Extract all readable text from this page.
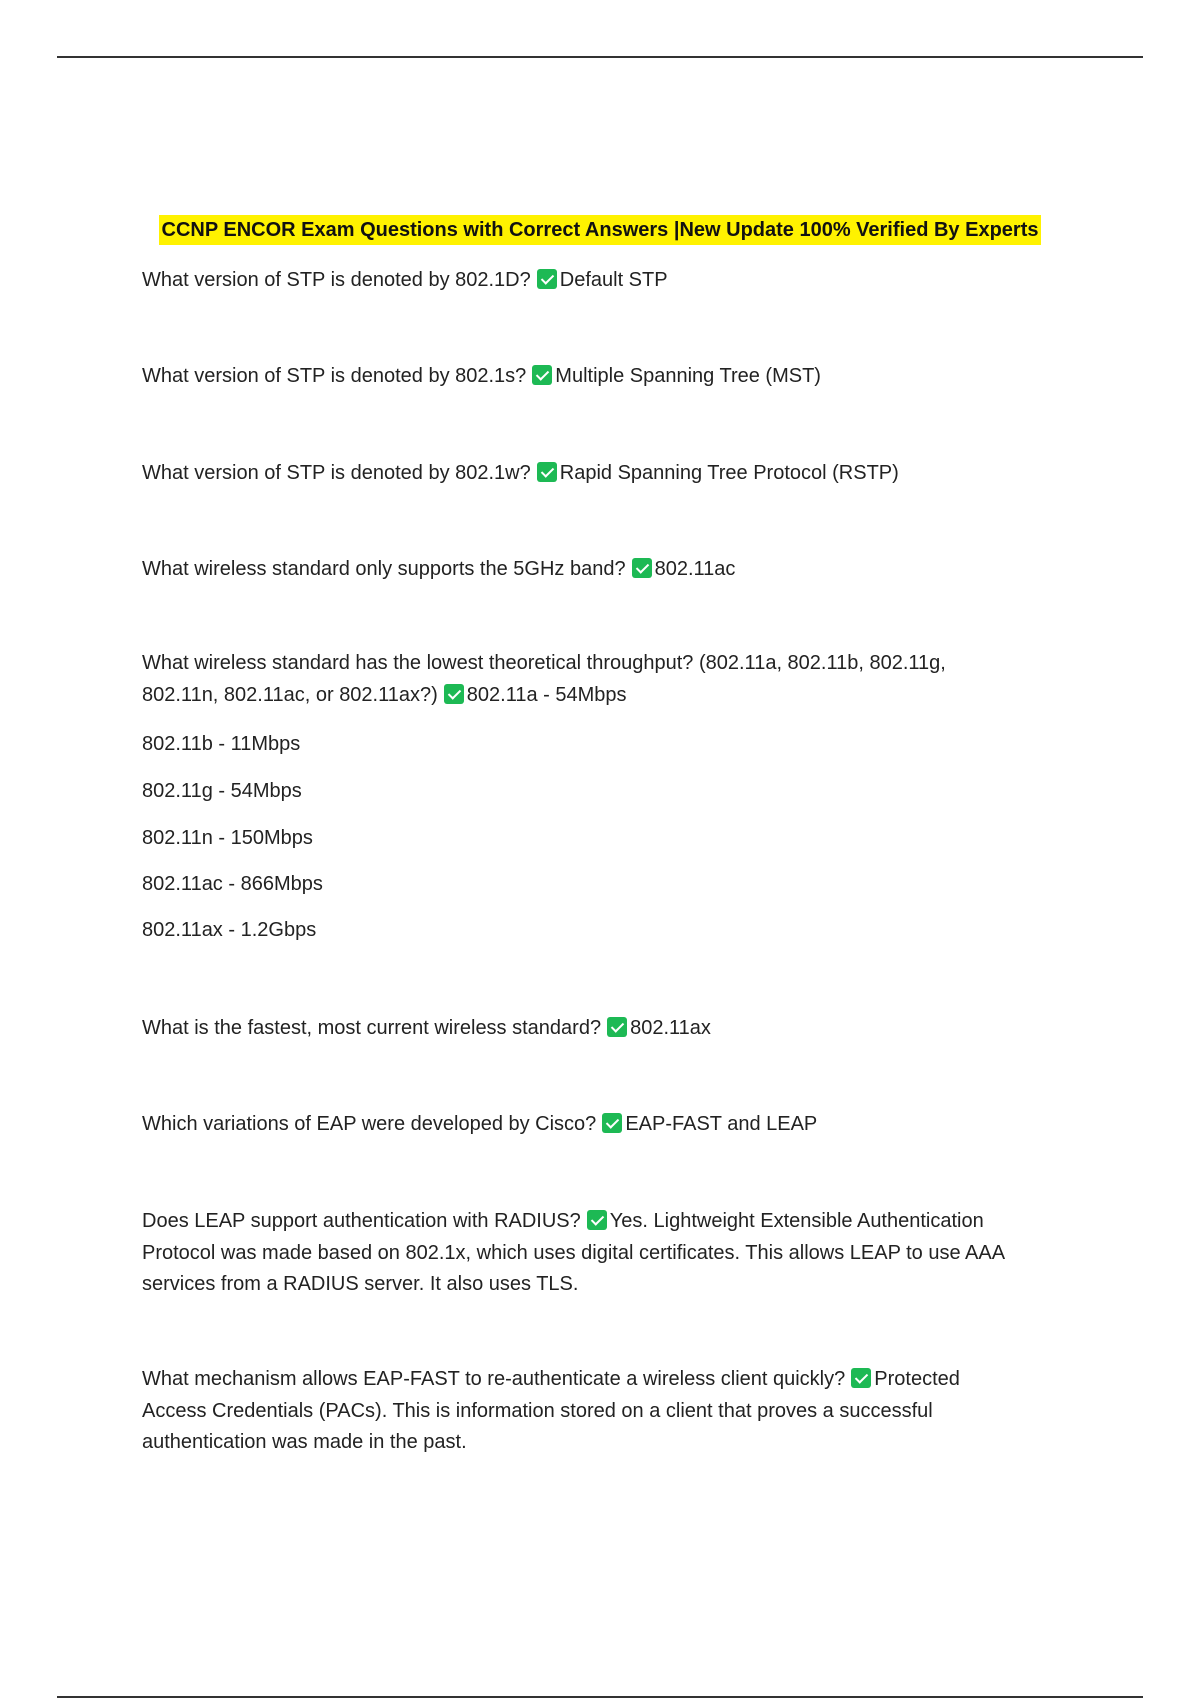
CCNP ENCOR Exam Questions with Correct Answers |New Update 100% Verified By Experts
What version of STP is denoted by 802.1D? Default STP
What version of STP is denoted by 802.1s? Multiple Spanning Tree (MST)
What version of STP is denoted by 802.1w? Rapid Spanning Tree Protocol (RSTP)
What wireless standard only supports the 5GHz band? 802.11ac
What wireless standard has the lowest theoretical throughput? (802.11a, 802.11b, 802.11g,
802.11n, 802.11ac, or 802.11ax?) 802.11a - 54Mbps
802.11b - 11Mbps
802.11g - 54Mbps
802.11n - 150Mbps
802.11ac - 866Mbps
802.11ax - 1.2Gbps
What is the fastest, most current wireless standard? 802.11ax
Which variations of EAP were developed by Cisco? EAP-FAST and LEAP
Does LEAP support authentication with RADIUS? Yes. Lightweight Extensible Authentication
Protocol was made based on 802.1x, which uses digital certificates. This allows LEAP to use AAA
services from a RADIUS server. It also uses TLS.
What mechanism allows EAP-FAST to re-authenticate a wireless client quickly? Protected
Access Credentials (PACs). This is information stored on a client that proves a successful
authentication was made in the past.
